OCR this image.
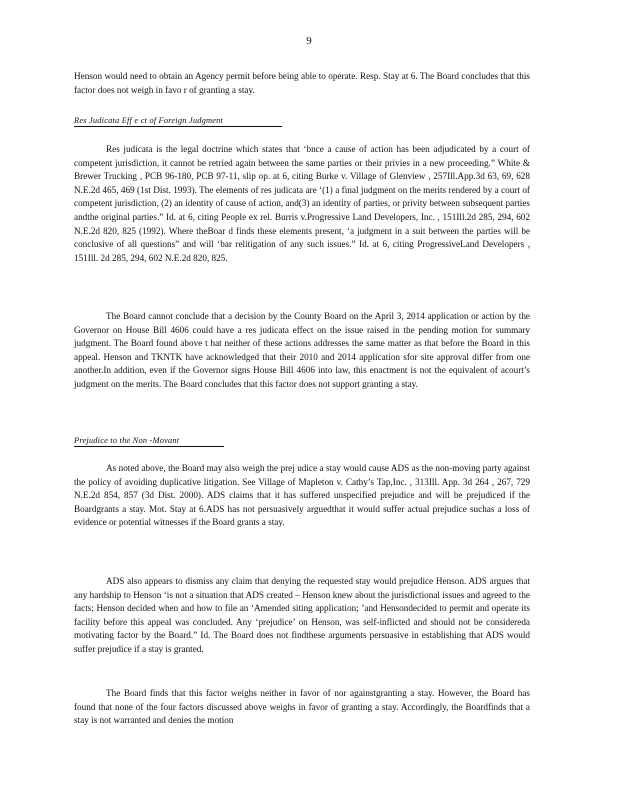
9

Henson would need to obtain an Agency permit before being able to operate. Resp. Stay at 6. The Board concludes that this factor does not weigh in favo r of granting a stay.

Res Judicata Eff e ct of Foreign Judgment

Res judicata is the legal doctrine which states that ‘bnce a cause of action has been adjudicated by a court of competent jurisdiction, it cannot be retried again between the same parties or their privies in a new proceeding.” White & Brewer Trucking , PCB 96-180, PCB 97-11, slip op. at 6, citing Burke v. Village of Glenview , 257Ill.App.3d 63, 69, 628 N.E.2d 465, 469 (1st Dist. 1993). The elements of res judicata are ‘(1) a final judgment on the merits rendered by a court of competent jurisdiction, (2) an identity of cause of action, and(3) an identity of parties, or privity between subsequent parties andthe original parties.” Id. at 6, citing People ex rel. Burris v.Progressive Land Developers, Inc. , 151Ill.2d 285, 294, 602 N.E.2d 820, 825 (1992). Where theBoar d finds these elements present, ‘a judgment in a suit between the parties will be conclusive of all questions” and will ‘bar relitigation of any such issues.” Id. at 6, citing ProgressiveLand Developers , 151Ill. 2d 285, 294, 602 N.E.2d 820, 825.

The Board cannot conclude that a decision by the County Board on the April 3, 2014 application or action by the Governor on House Bill 4606 could have a res judicata effect on the issue raised in the pending motion for summary judgment. The Board found above t hat neither of these actions addresses the same matter as that before the Board in this appeal. Henson and TKNTK have acknowledged that their 2010 and 2014 application sfor site approval differ from one another.In addition, even if the Governor signs House Bill 4606 into law, this enactment is not the equivalent of acourt’s judgment on the merits. The Board concludes that this factor does not support granting a stay.

Prejudice to the Non -Movant

As noted above, the Board may also weigh the prej udice a stay would cause ADS as the non-moving party against the policy of avoiding duplicative litigation. See Village of Mapleton v. Cathy’s Tap,Inc. , 313Ill. App. 3d 264 , 267, 729 N.E.2d 854, 857 (3d Dist. 2000). ADS claims that it has suffered unspecified prejudice and will be prejudiced if the Boardgrants a stay. Mot. Stay at 6.ADS has not persuasively arguedthat it would suffer actual prejudice suchas a loss of evidence or potential witnesses if the Board grants a stay.

ADS also appears to dismiss any claim that denying the requested stay would prejudice Henson. ADS argues that any hardship to Henson ‘is not a situation that ADS created – Henson knew about the jurisdictional issues and agreed to the facts; Henson decided when and how to file an ‘Amended siting application; ’and Hensondecided to permit and operate its facility before this appeal was concluded. Any ‘prejudice’ on Henson, was self-inflicted and should not be considereda motivating factor by the Board.” Id. The Board does not findthese arguments persuasive in establishing that ADS would suffer prejudice if a stay is granted.

The Board finds that this factor weighs neither in favor of nor againstgranting a stay. However, the Board has found that none of the four factors discussed above weighs in favor of granting a stay. Accordingly, the Boardfinds that a stay is not warranted and denies the motion
